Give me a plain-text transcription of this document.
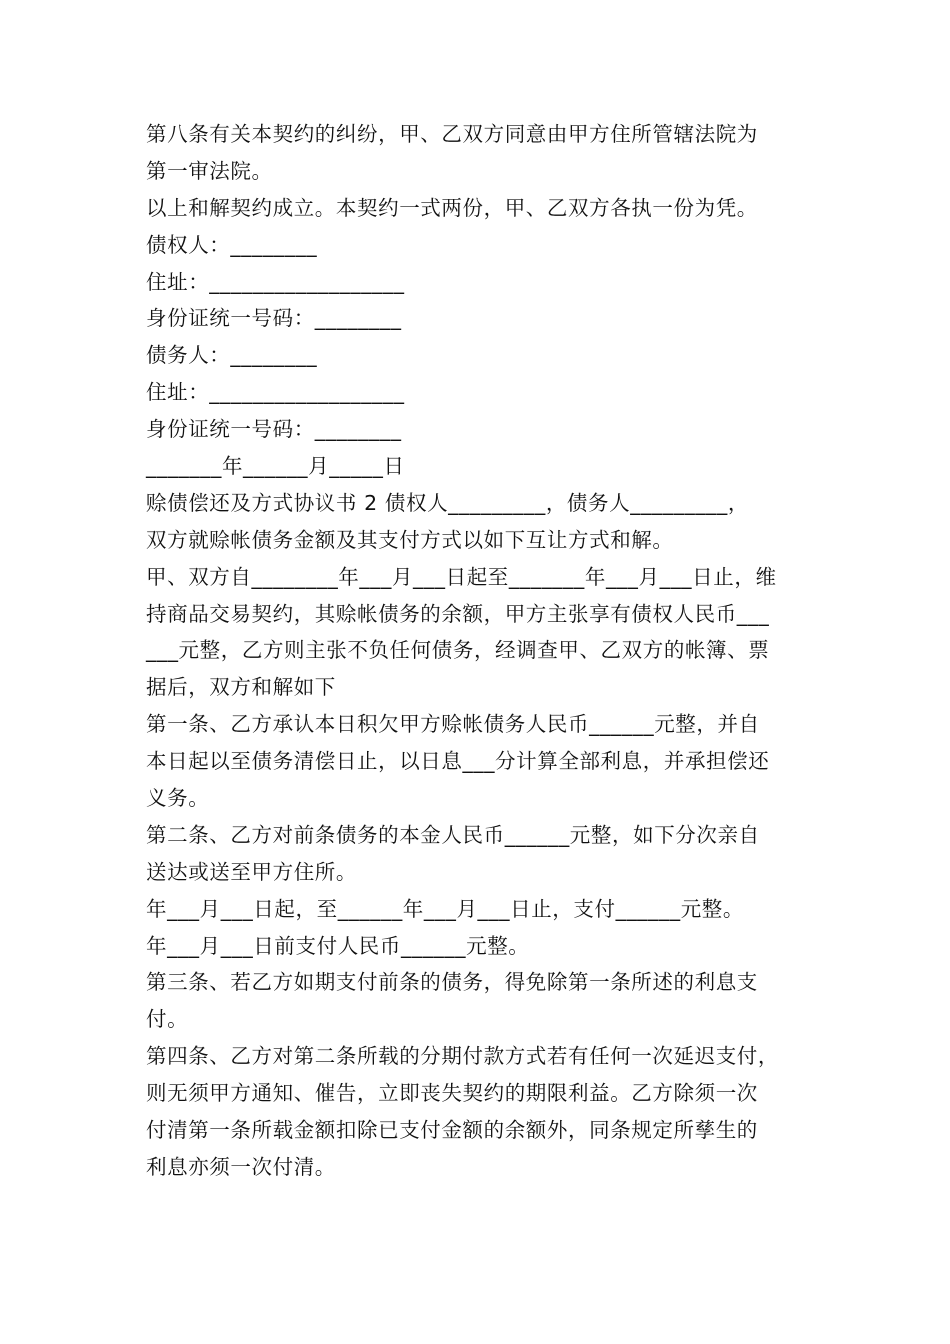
第八条有关本契约的纠纷，甲、乙双方同意由甲方住所管辖法院为
第一审法院。
以上和解契约成立。本契约一式两份，甲、乙双方各执一份为凭。
债权人：________
住址：__________________
身份证统一号码：________
债务人：________
住址：__________________
身份证统一号码：________
_______年______月_____日
赊债偿还及方式协议书 2 债权人_________，债务人_________，
双方就赊帐债务金额及其支付方式以如下互让方式和解。
甲、双方自________年___月___日起至_______年___月___日止，维
持商品交易契约，其赊帐债务的余额，甲方主张享有债权人民币___
___元整，乙方则主张不负任何债务，经调查甲、乙双方的帐簿、票
据后，双方和解如下
第一条、乙方承认本日积欠甲方赊帐债务人民币______元整，并自
本日起以至债务清偿日止，以日息___分计算全部利息，并承担偿还
义务。
第二条、乙方对前条债务的本金人民币______元整，如下分次亲自
送达或送至甲方住所。
年___月___日起，至______年___月___日止，支付______元整。
年___月___日前支付人民币______元整。
第三条、若乙方如期支付前条的债务，得免除第一条所述的利息支
付。
第四条、乙方对第二条所载的分期付款方式若有任何一次延迟支付，
则无须甲方通知、催告，立即丧失契约的期限利益。乙方除须一次
付清第一条所载金额扣除已支付金额的余额外，同条规定所孳生的
利息亦须一次付清。
